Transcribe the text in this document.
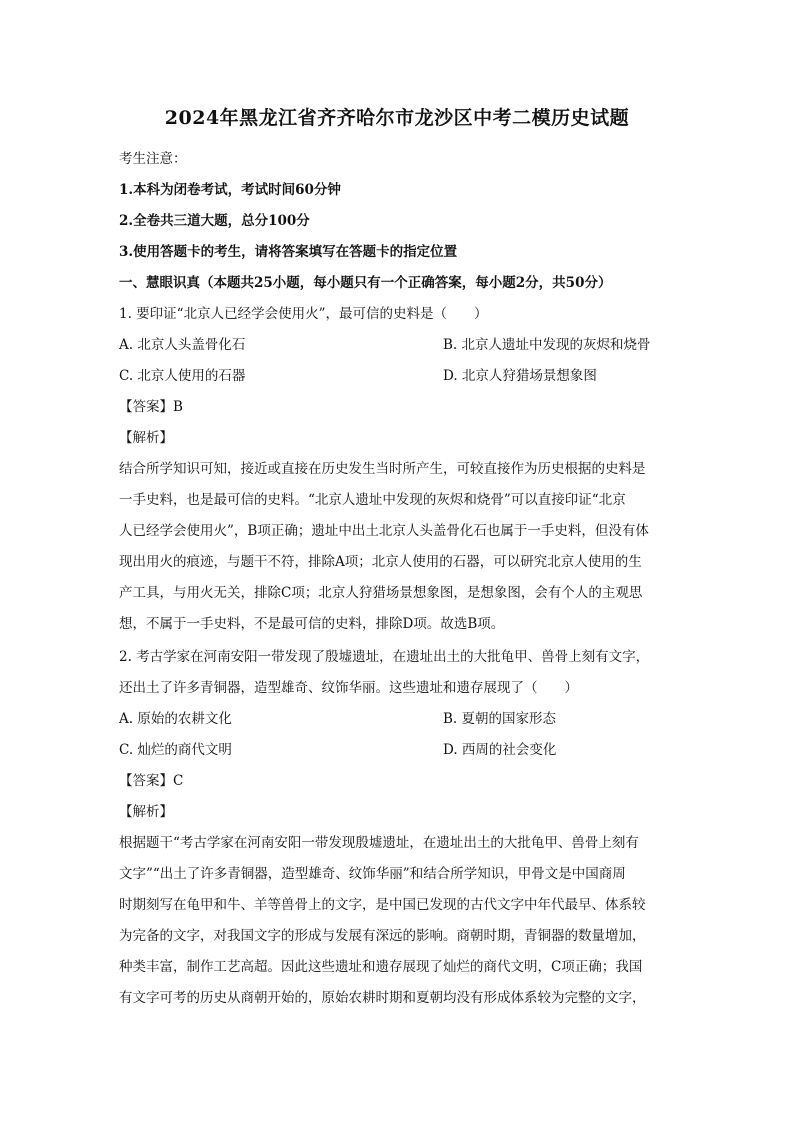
2024年黑龙江省齐齐哈尔市龙沙区中考二模历史试题
考生注意：
1.本科为闭卷考试，考试时间60分钟
2.全卷共三道大题，总分100分
3.使用答题卡的考生，请将答案填写在答题卡的指定位置
一、慧眼识真（本题共25小题，每小题只有一个正确答案，每小题2分，共50分）
1. 要印证“北京人已经学会使用火”，最可信的史料是（　　）
A. 北京人头盖骨化石	B. 北京人遗址中发现的灰烬和烧骨
C. 北京人使用的石器	D. 北京人狩猎场景想象图
【答案】B
【解析】
结合所学知识可知，接近或直接在历史发生当时所产生，可较直接作为历史根据的史料是
一手史料，也是最可信的史料。“北京人遗址中发现的灰烬和烧骨”可以直接印证“北京
人已经学会使用火”，B项正确；遗址中出土北京人头盖骨化石也属于一手史料，但没有体
现出用火的痕迹，与题干不符，排除A项；北京人使用的石器，可以研究北京人使用的生
产工具，与用火无关，排除C项；北京人狩猎场景想象图，是想象图，会有个人的主观思
想，不属于一手史料，不是最可信的史料，排除D项。故选B项。
2. 考古学家在河南安阳一带发现了殷墟遗址，在遗址出土的大批龟甲、兽骨上刻有文字，
还出土了许多青铜器，造型雄奇、纹饰华丽。这些遗址和遗存展现了（　　）
A. 原始的农耕文化	B. 夏朝的国家形态
C. 灿烂的商代文明	D. 西周的社会变化
【答案】C
【解析】
根据题干“考古学家在河南安阳一带发现殷墟遗址，在遗址出土的大批龟甲、兽骨上刻有
文字”“出土了许多青铜器，造型雄奇、纹饰华丽”和结合所学知识，甲骨文是中国商周
时期刻写在龟甲和牛、羊等兽骨上的文字，是中国已发现的古代文字中年代最早、体系较
为完备的文字，对我国文字的形成与发展有深远的影响。商朝时期，青铜器的数量增加，
种类丰富，制作工艺高超。因此这些遗址和遗存展现了灿烂的商代文明，C项正确；我国
有文字可考的历史从商朝开始的，原始农耕时期和夏朝均没有形成体系较为完整的文字，
